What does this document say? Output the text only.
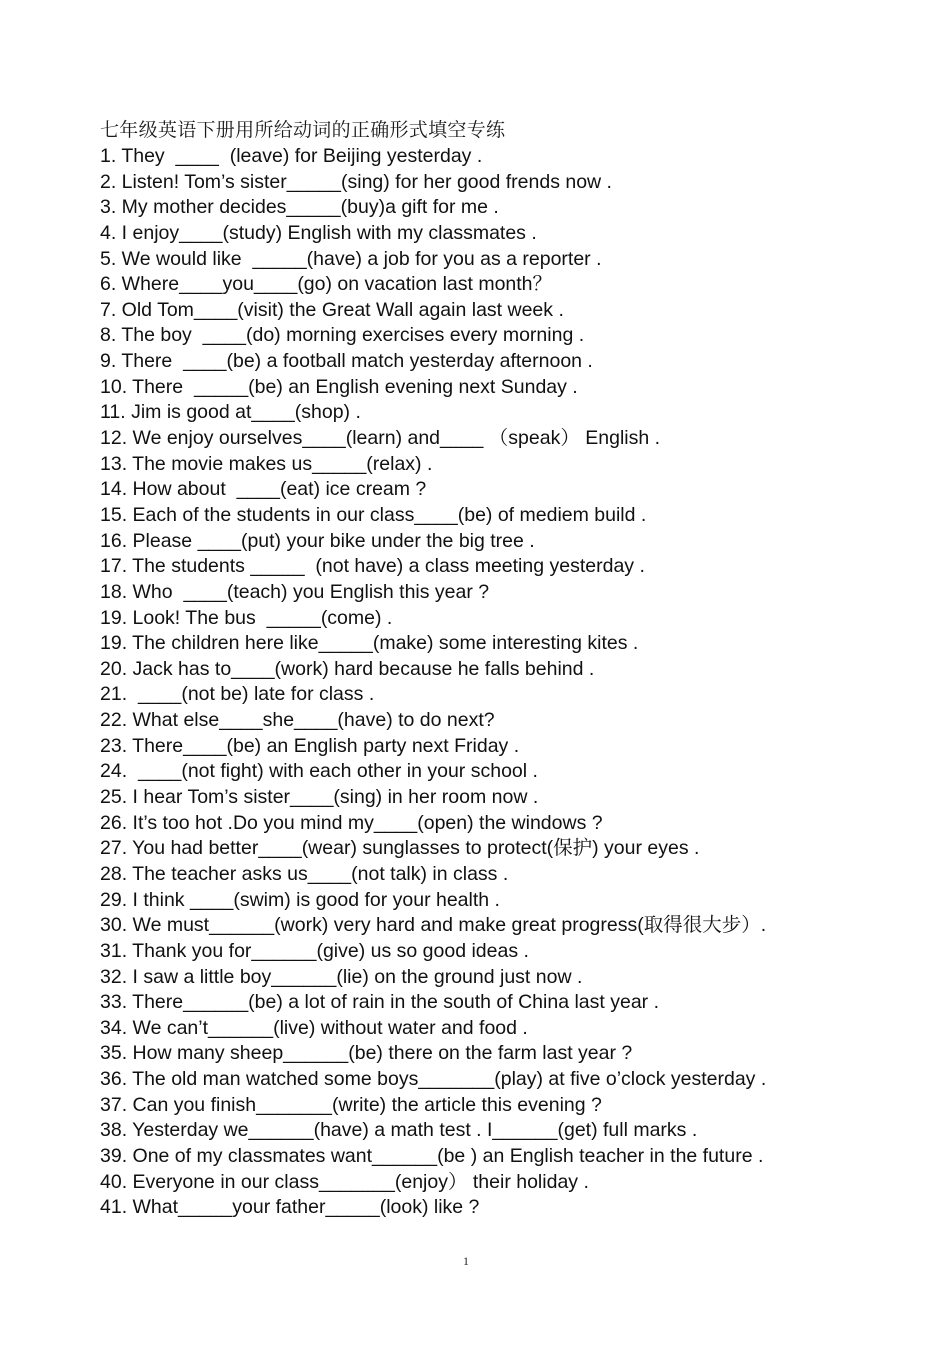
七年级英语下册用所给动词的正确形式填空专练
1. They  ____  (leave) for Beijing yesterday .
2. Listen! Tom’s sister_____(sing) for her good frends now .
3. My mother decides_____(buy)a gift for me .
4. I enjoy____(study) English with my classmates .
5. We would like  _____(have) a job for you as a reporter .
6. Where____you____(go) on vacation last month？
7. Old Tom____(visit) the Great Wall again last week .
8. The boy  ____(do) morning exercises every morning .
9. There  ____(be) a football match yesterday afternoon .
10. There  _____(be) an English evening next Sunday .
11. Jim is good at____(shop) .
12. We enjoy ourselves____(learn) and____ （speak） English .
13. The movie makes us_____(relax) .
14. How about  ____(eat) ice cream ?
15. Each of the students in our class____(be) of mediem build .
16. Please ____(put) your bike under the big tree .
17. The students _____  (not have) a class meeting yesterday .
18. Who  ____(teach) you English this year ?
19. Look! The bus  _____(come) .
19. The children here like_____(make) some interesting kites .
20. Jack has to____(work) hard because he falls behind .
21.  ____(not be) late for class .
22. What else____she____(have) to do next?
23. There____(be) an English party next Friday .
24.  ____(not fight) with each other in your school .
25. I hear Tom’s sister____(sing) in her room now .
26. It’s too hot .Do you mind my____(open) the windows ?
27. You had better____(wear) sunglasses to protect(保护) your eyes .
28. The teacher asks us____(not talk) in class .
29. I think ____(swim) is good for your health .
30. We must______(work) very hard and make great progress(取得很大步）.
31. Thank you for______(give) us so good ideas .
32. I saw a little boy______(lie) on the ground just now .
33. There______(be) a lot of rain in the south of China last year .
34. We can’t______(live) without water and food .
35. How many sheep______(be) there on the farm last year ?
36. The old man watched some boys_______(play) at five o’clock yesterday .
37. Can you finish_______(write) the article this evening ?
38. Yesterday we______(have) a math test . I______(get) full marks .
39. One of my classmates want______(be ) an English teacher in the future .
40. Everyone in our class_______(enjoy） their holiday .
41. What_____your father_____(look) like ?
1
